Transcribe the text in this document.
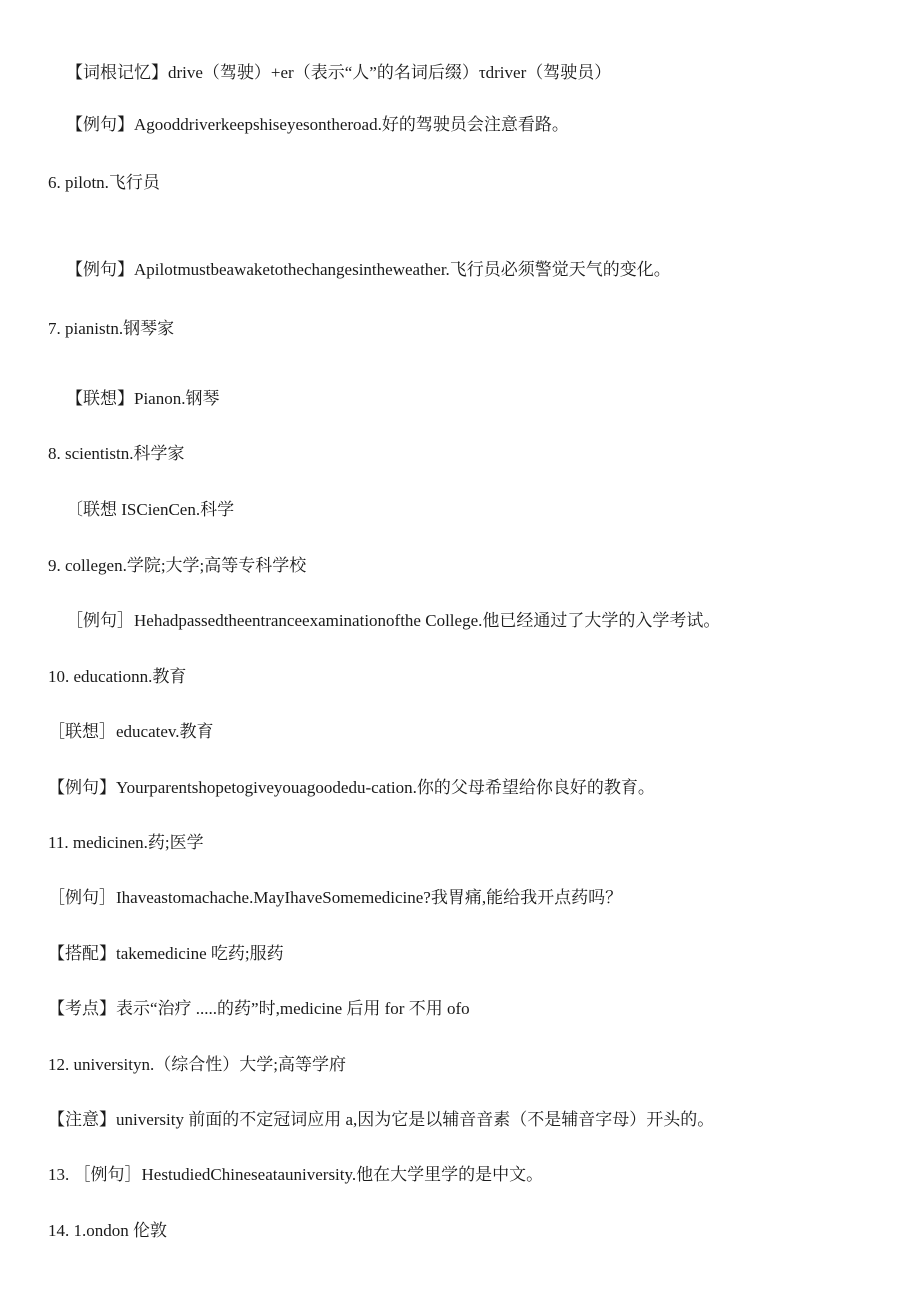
【词根记忆】drive（驾驶）+er（表示“人”的名词后缀）τdriver（驾驶员）
【例句】Agooddriverkeepshiseyesontheroad.好的驾驶员会注意看路。
6. pilotn.飞行员
【例句】Apilotmustbeawaketothechangesintheweather.飞行员必须警觉天气的变化。
7. pianistn.钢琴家
【联想】Pianon.钢琴
8. scientistn.科学家
〔联想 ISCienCen.科学
9. collegen.学院;大学;高等专科学校
［例句］Hehadpassedtheentranceexaminationofthe College.他已经通过了大学的入学考试。
10. educationn.教育
［联想］educatev.教育
【例句】Yourparentshopetogiveyouagoodedu-cation.你的父母希望给你良好的教育。
11. medicinen.药;医学
［例句］Ihaveastomachache.MayIhaveSomemedicine?我胃痛,能给我开点药吗？
【搭配】takemedicine 吃药;服药
【考点】表示“治疗 .....的药”时,medicine 后用 for 不用 ofo
12. universityn.（综合性）大学;高等学府
【注意】university 前面的不定冠词应用 a,因为它是以辅音音素（不是辅音字母）开头的。
13. ［例句］HestudiedChineseatauniversity.他在大学里学的是中文。
14. 1.ondon 伦敦
